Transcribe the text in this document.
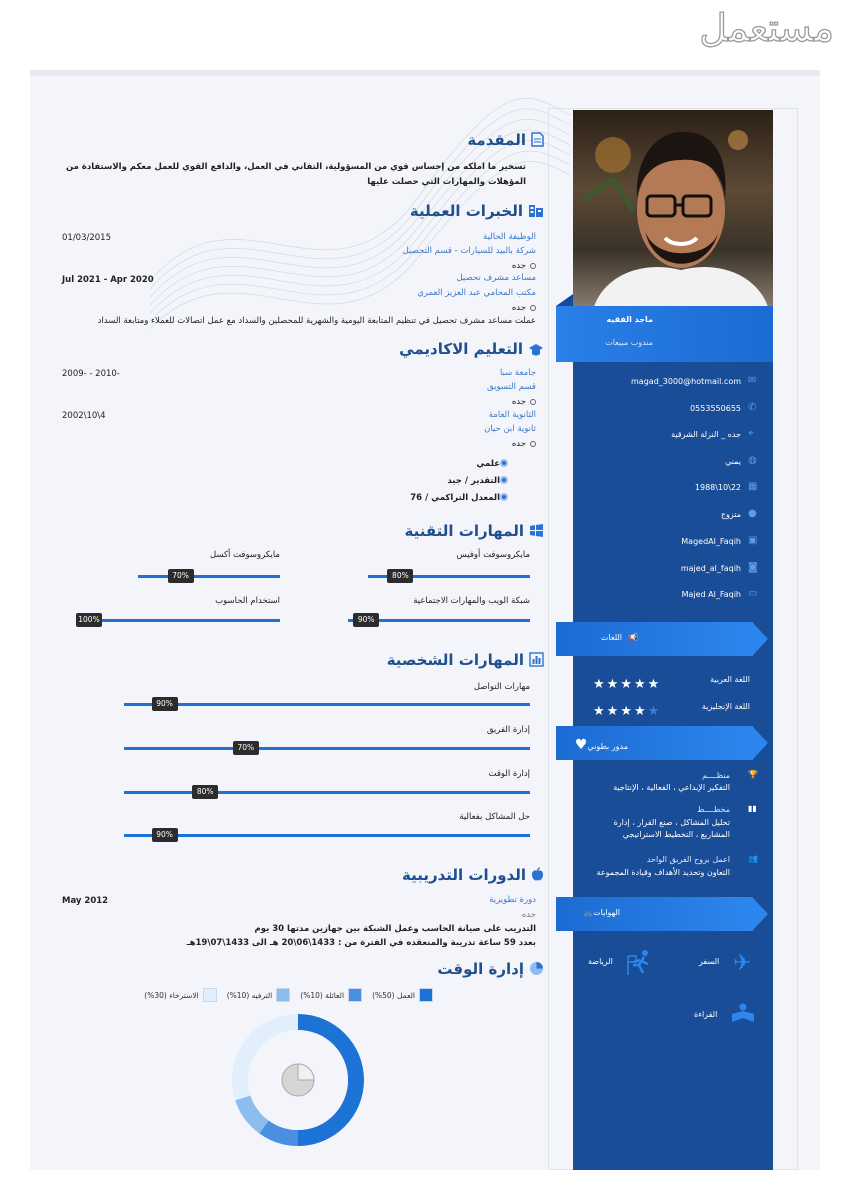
مستعمل
المقدمة
تسخير ما املكه من إحساس قوي من المسؤولية، التفاني في العمل، والدافع القوي للعمل معكم والاستفادة من المؤهلات والمهارات التي حصلت عليها
الخبرات العملية
01/03/2015	الوظيفة الحالية
شركة بالبيد للسيارات - قسم التحصيل
جده
Jul 2021 - Apr 2020	مساعد مشرف تحصيل
مكتب المحامي عبد العزيز العمري
جده
عملت مساعد مشرف تحصيل في تنظيم المتابعة اليومية والشهرية للمحصلين والسداد مع عمل اتصالات للعملاء ومتابعة السداد
التعليم الاكاديمي
2009- - 2010-	جامعة سبا
قسم التسويق
جده
2002\10\4	الثانوية العامة
ثانوية ابن حيان
جده
علمي
التقدير / جيد
المعدل التراكمي / 76
المهارات التقنية
المهارات الشخصية
الدورات التدريبية
May 2012	دورة تطويرية
جده
التدريب على صيانة الحاسب وعمل الشبكة بين جهازين مدتها 30 يوم
بعدد 59 ساعة تدريبة والمنعقده في الفترة من : 1433\06\20 هـ الى 1433\07\19هـ
إدارة الوقت
العمل (50%)
العائلة (10%)
الترفيه (10%)
الاسترخاء (30%)
ماجد الفقيه
مندوب مبيعات
اللغات 📢
♥مدور بطوني
🚲الهوايات
السفر ✈
الرياضة
القراءة
مايكروسوفت أوفيس
80%
مايكروسوفت أكسل
70%
شبكة الويب والمهارات الاجتماعية
90%
استخدام الحاسوب
100%
مهارات التواصل
90%
إدارة الفريق
70%
إدارة الوقت
80%
حل المشاكل بفعالية
90%
magad_3000@hotmail.com ✉
0553550655 ✆
جده _ النزلة الشرقية ⌖
يمني ◍
1988\10\22 ▦
متزوج ●
MagedAl_Faqih ▣
majed_al_faqih ◙
Majed Al_Faqih ▭
اللغة العربية
★★★★★
اللغة الإنجليزية
★★★★★
منظــــم
التفكير الإبداعي ، الفعالية ، الإنتاجية
🏆
مخطــــط
تحليل المشاكل ، صنع القرار ، إدارة المشاريع ، التخطيط الاستراتيجي
▮▮
اعمل بروح الفريق الواحد
التعاون وتحديد الأهداف وقيادة المجموعة
👥
